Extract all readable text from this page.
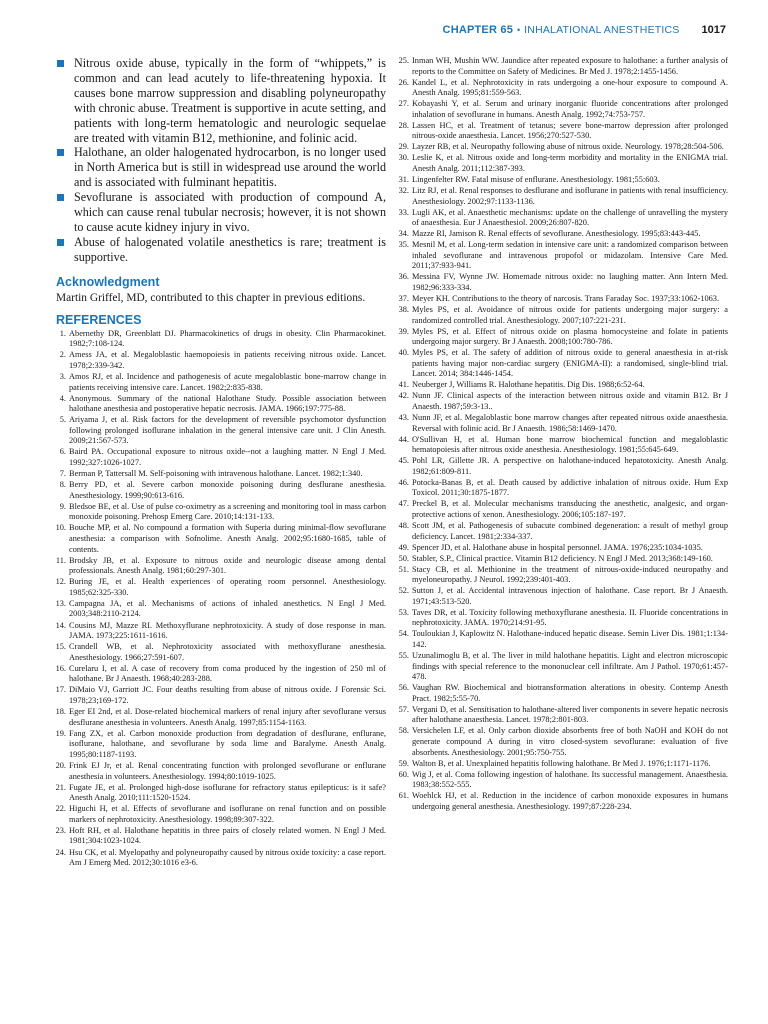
CHAPTER 65 • INHALATIONAL ANESTHETICS 1017
Nitrous oxide abuse, typically in the form of “whippets,” is common and can lead acutely to life-threatening hypoxia. It causes bone marrow suppression and disabling polyneuropathy with chronic abuse. Treatment is supportive in acute setting, and patients with long-term hematologic and neurologic sequelae are treated with vitamin B12, methionine, and folinic acid.
Halothane, an older halogenated hydrocarbon, is no longer used in North America but is still in widespread use around the world and is associated with fulminant hepatitis.
Sevoflurane is associated with production of compound A, which can cause renal tubular necrosis; however, it is not shown to cause acute kidney injury in vivo.
Abuse of halogenated volatile anesthetics is rare; treatment is supportive.
Acknowledgment

Martin Griffel, MD, contributed to this chapter in previous editions.

REFERENCES
1. Abernethy DR, Greenblatt DJ. Pharmacokinetics of drugs in obesity. Clin Pharmacokinet. 1982;7:108-124.
2. Amess JA, et al. Megaloblastic haemopoiesis in patients receiving nitrous oxide. Lancet. 1978;2:339-342.
3. Amos RJ, et al. Incidence and pathogenesis of acute megaloblastic bone-marrow change in patients receiving intensive care. Lancet. 1982;2:835-838.
4. Anonymous. Summary of the national Halothane Study. Possible association between halothane anesthesia and postoperative hepatic necrosis. JAMA. 1966;197:775-88.
5. Ariyama J, et al. Risk factors for the development of reversible psychomotor dysfunction following prolonged isoflurane inhalation in the general intensive care unit. J Clin Anesth. 2009;21:567-573.
6. Baird PA. Occupational exposure to nitrous oxide--not a laughing matter. N Engl J Med. 1992;327:1026-1027.
7. Berman P, Tattersall M. Self-poisoning with intravenous halothane. Lancet. 1982;1:340.
8. Berry PD, et al. Severe carbon monoxide poisoning during desflurane anesthesia. Anesthesiology. 1999;90:613-616.
9. Bledsoe BE, et al. Use of pulse co-oximetry as a screening and monitoring tool in mass carbon monoxide poisoning. Prehosp Emerg Care. 2010;14:131-133.
10. Bouche MP, et al. No compound a formation with Superia during minimal-flow sevoflurane anesthesia: a comparison with Sofnolime. Anesth Analg. 2002;95:1680-1685, table of contents.
11. Brodsky JB, et al. Exposure to nitrous oxide and neurologic disease among dental professionals. Anesth Analg. 1981;60:297-301.
12. Buring JE, et al. Health experiences of operating room personnel. Anesthesiology. 1985;62:325-330.
13. Campagna JA, et al. Mechanisms of actions of inhaled anesthetics. N Engl J Med. 2003;348:2110-2124.
14. Cousins MJ, Mazze RI. Methoxyflurane nephrotoxicity. A study of dose response in man. JAMA. 1973;225:1611-1616.
15. Crandell WB, et al. Nephrotoxicity associated with methoxyflurane anesthesia. Anesthesiology. 1966;27:591-607.
16. Curelaru I, et al. A case of recovery from coma produced by the ingestion of 250 ml of halothane. Br J Anaesth. 1968;40:283-288.
17. DiMaio VJ, Garriott JC. Four deaths resulting from abuse of nitrous oxide. J Forensic Sci. 1978;23;169-172.
18. Eger EI 2nd, et al. Dose-related biochemical markers of renal injury after sevoflurane versus desflurane anesthesia in volunteers. Anesth Analg. 1997;85:1154-1163.
19. Fang ZX, et al. Carbon monoxide production from degradation of desflurane, enflurane, isoflurane, halothane, and sevoflurane by soda lime and Baralyme. Anesth Analg. 1995;80:1187-1193.
20. Frink EJ Jr, et al. Renal concentrating function with prolonged sevoflurane or enflurane anesthesia in volunteers. Anesthesiology. 1994;80:1019-1025.
21. Fugate JE, et al. Prolonged high-dose isoflurane for refractory status epilepticus: is it safe? Anesth Analg. 2010;111:1520-1524.
22. Higuchi H, et al. Effects of sevoflurane and isoflurane on renal function and on possible markers of nephrotoxicity. Anesthesiology. 1998;89:307-322.
23. Hoft RH, et al. Halothane hepatitis in three pairs of closely related women. N Engl J Med. 1981;304:1023-1024.
24. Hsu CK, et al. Myelopathy and polyneuropathy caused by nitrous oxide toxicity: a case report. Am J Emerg Med. 2012;30:1016 e3-6.
25. Inman WH, Mushin WW. Jaundice after repeated exposure to halothane: a further analysis of reports to the Committee on Safety of Medicines. Br Med J. 1978;2:1455-1456.
26. Kandel L, et al. Nephrotoxicity in rats undergoing a one-hour exposure to compound A. Anesth Analg. 1995;81:559-563.
27. Kobayashi Y, et al. Serum and urinary inorganic fluoride concentrations after prolonged inhalation of sevoflurane in humans. Anesth Analg. 1992;74:753-757.
28. Lassen HC, et al. Treatment of tetanus; severe bone-marrow depression after prolonged nitrous-oxide anaesthesia. Lancet. 1956;270:527-530.
29. Layzer RB, et al. Neuropathy following abuse of nitrous oxide. Neurology. 1978;28:504-506.
30. Leslie K, et al. Nitrous oxide and long-term morbidity and mortality in the ENIGMA trial. Anesth Analg. 2011;112:387-393.
31. Lingenfelter RW. Fatal misuse of enflurane. Anesthesiology. 1981;55:603.
32. Litz RJ, et al. Renal responses to desflurane and isoflurane in patients with renal insufficiency. Anesthesiology. 2002;97:1133-1136.
33. Lugli AK, et al. Anaesthetic mechanisms: update on the challenge of unravelling the mystery of anaesthesia. Eur J Anaesthesiol. 2009;26:807-820.
34. Mazze RI, Jamison R. Renal effects of sevoflurane. Anesthesiology. 1995;83:443-445.
35. Mesnil M, et al. Long-term sedation in intensive care unit: a randomized comparison between inhaled sevoflurane and intravenous propofol or midazolam. Intensive Care Med. 2011;37:933-941.
36. Messina FV, Wynne JW. Homemade nitrous oxide: no laughing matter. Ann Intern Med. 1982;96:333-334.
37. Meyer KH. Contributions to the theory of narcosis. Trans Faraday Soc. 1937;33:1062-1063.
38. Myles PS, et al. Avoidance of nitrous oxide for patients undergoing major surgery: a randomized controlled trial. Anesthesiology. 2007;107:221-231.
39. Myles PS, et al. Effect of nitrous oxide on plasma homocysteine and folate in patients undergoing major surgery. Br J Anaesth. 2008;100:780-786.
40. Myles PS, et al. The safety of addition of nitrous oxide to general anaesthesia in at-risk patients having major non-cardiac surgery (ENIGMA-II): a randomised, single-blind trial. Lancet. 2014; 384:1446-1454.
41. Neuberger J, Williams R. Halothane hepatitis. Dig Dis. 1988;6:52-64.
42. Nunn JF. Clinical aspects of the interaction between nitrous oxide and vitamin B12. Br J Anaesth. 1987;59:3-13..
43. Nunn JF, et al. Megaloblastic bone marrow changes after repeated nitrous oxide anaesthesia. Reversal with folinic acid. Br J Anaesth. 1986;58:1469-1470.
44. O'Sullivan H, et al. Human bone marrow biochemical function and megaloblastic hematopoiesis after nitrous oxide anesthesia. Anesthesiology. 1981;55:645-649.
45. Pohl LR, Gillette JR. A perspective on halothane-induced hepatotoxicity. Anesth Analg. 1982;61:809-811.
46. Potocka-Banas B, et al. Death caused by addictive inhalation of nitrous oxide. Hum Exp Toxicol. 2011;30:1875-1877.
47. Preckel B, et al. Molecular mechanisms transducing the anesthetic, analgesic, and organ-protective actions of xenon. Anesthesiology. 2006;105:187-197.
48. Scott JM, et al. Pathogenesis of subacute combined degeneration: a result of methyl group deficiency. Lancet. 1981;2:334-337.
49. Spencer JD, et al. Halothane abuse in hospital personnel. JAMA. 1976;235:1034-1035.
50. Stabler, S.P., Clinical practice. Vitamin B12 deficiency. N Engl J Med. 2013;368:149-160.
51. Stacy CB, et al. Methionine in the treatment of nitrous-oxide-induced neuropathy and myeloneuropathy. J Neurol. 1992;239:401-403.
52. Sutton J, et al. Accidental intravenous injection of halothane. Case report. Br J Anaesth. 1971;43:513-520.
53. Taves DR, et al. Toxicity following methoxyflurane anesthesia. II. Fluoride concentrations in nephrotoxicity. JAMA. 1970;214:91-95.
54. Touloukian J, Kaplowitz N. Halothane-induced hepatic disease. Semin Liver Dis. 1981;1:134-142.
55. Uzunalimoglu B, et al. The liver in mild halothane hepatitis. Light and electron microscopic findings with special reference to the mononuclear cell infiltrate. Am J Pathol. 1970;61:457-478.
56. Vaughan RW. Biochemical and biotransformation alterations in obesity. Contemp Anesth Pract. 1982;5:55-70.
57. Vergani D, et al. Sensitisation to halothane-altered liver components in severe hepatic necrosis after halothane anaesthesia. Lancet. 1978;2:801-803.
58. Versichelen LF, et al. Only carbon dioxide absorbents free of both NaOH and KOH do not generate compound A during in vitro closed-system sevoflurane: evaluation of five absorbents. Anesthesiology. 2001;95:750-755.
59. Walton B, et al. Unexplained hepatitis following halothane. Br Med J. 1976;1:1171-1176.
60. Wig J, et al. Coma following ingestion of halothane. Its successful management. Anaesthesia. 1983;38:552-555.
61. Woehlck HJ, et al. Reduction in the incidence of carbon monoxide exposures in humans undergoing general anesthesia. Anesthesiology. 1997;87:228-234.
